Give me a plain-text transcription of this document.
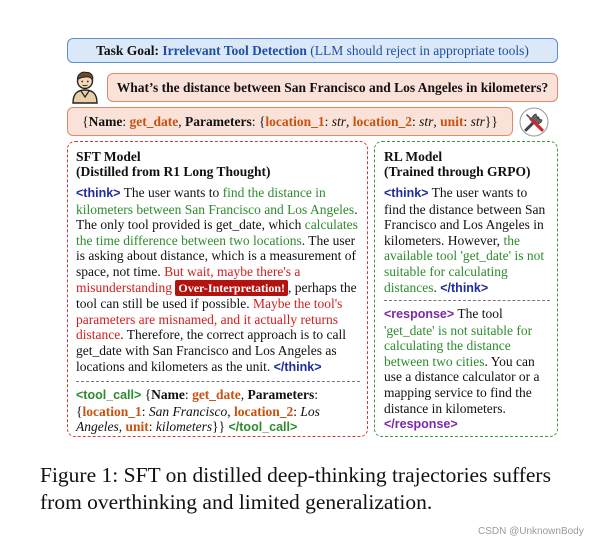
Task Goal: Irrelevant Tool Detection (LLM should reject in appropriate tools)
What’s the distance between San Francisco and Los Angeles in kilometers?
{Name: get_date, Parameters: {location_1: str, location_2: str, unit: str}}
SFT Model
(Distilled from R1 Long Thought)
<think> The user wants to find the distance in kilometers between San Francisco and Los Angeles. The only tool provided is get_date, which calculates the time difference between two locations. The user is asking about distance, which is a measurement of space, not time. But wait, maybe there's a misunderstanding Over-Interpretation! , perhaps the tool can still be used if possible. Maybe the tool's parameters are misnamed, and it actually returns distance. Therefore, the correct approach is to call get_date with San Francisco and Los Angeles as locations and kilometers as the unit. </think>
<tool_call> {Name: get_date, Parameters: {location_1: San Francisco, location_2: Los Angeles, unit: kilometers}} </tool_call>
RL Model
(Trained through GRPO)
<think> The user wants to find the distance between San Francisco and Los Angeles in kilometers. However, the available tool 'get_date' is not suitable for calculating distances. </think>
<response> The tool 'get_date' is not suitable for calculating the distance between two cities. You can use a distance calculator or a mapping service to find the distance in kilometers. </response>
Figure 1: SFT on distilled deep-thinking trajectories suffers from overthinking and limited generalization.
CSDN @UnknownBody
